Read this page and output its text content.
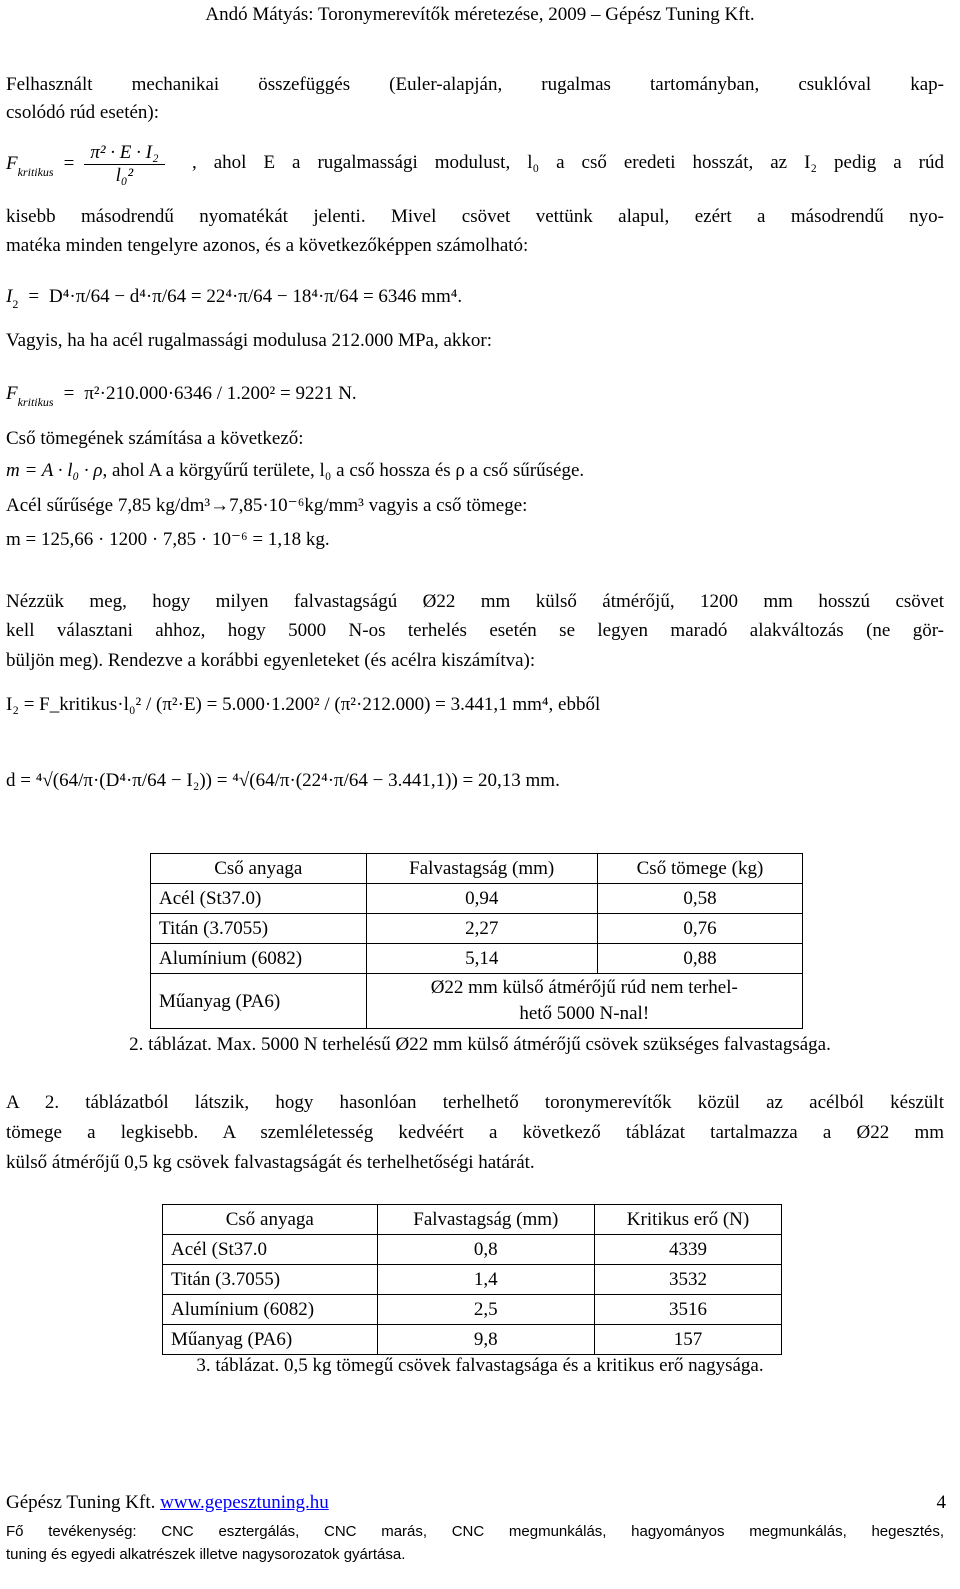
Andó Mátyás: Toronymerevítők méretezése, 2009 – Gépész Tuning Kft.
Felhasznált mechanikai összefüggés (Euler-alapján, rugalmas tartományban, csuklóval kap-
csolódó rúd esetén):
F kritikus = $\frac{\text{π² · E · I₂}}{\text{l₀²}}$ , ahol E a rugalmassági modulust, l₀ a cső eredeti hosszát, az I₂ pedig a rúd
kisebb másodrendű nyomatékát jelenti. Mivel csövet vettünk alapul, ezért a másodrendű nyo-
matéka minden tengelyre azonos, és a következőképpen számolható:
I 2 = D⁴·π/64 − d⁴·π/64 = 22⁴·π/64 − 18⁴·π/64 = 6346 mm⁴.
Vagyis, ha ha acél rugalmassági modulusa 212.000 MPa, akkor:
F kritikus = π²·210.000·6346 / 1.200² = 9221 N.
Cső tömegének számítása a következő:
m = A · l₀ · ρ, ahol A a körgyűrű területe, l₀ a cső hossza és ρ a cső sűrűsége.
Acél sűrűsége 7,85 kg/dm³→7,85·10⁻⁶kg/mm³ vagyis a cső tömege:
m = 125,66 · 1200 · 7,85 · 10⁻⁶ = 1,18 kg.
Nézzük meg, hogy milyen falvastagságú Ø22 mm külső átmérőjű, 1200 mm hosszú csövet
kell választani ahhoz, hogy 5000 N-os terhelés esetén se legyen maradó alakváltozás (ne gör-
büljön meg). Rendezve a korábbi egyenleteket (és acélra kiszámítva):
I₂ = F_kritikus·l₀² / (π²·E) = 5.000·1.200² / (π²·212.000) = 3.441,1 mm⁴, ebből
d = ⁴√(64/π·(D⁴·π/64 − I₂)) = ⁴√(64/π·(22⁴·π/64 − 3.441,1)) = 20,13 mm.
Cső anyaga	Falvastagság (mm)	Cső tömege (kg)
Acél (St37.0)	0,94	0,58
Titán (3.7055)	2,27	0,76
Alumínium (6082)	5,14	0,88
Műanyag (PA6)	Ø22 mm külső átmérőjű rúd nem terhel-
hető 5000 N-nal!	
2. táblázat. Max. 5000 N terhelésű Ø22 mm külső átmérőjű csövek szükséges falvastagsága.
A 2. táblázatból látszik, hogy hasonlóan terhelhető toronymerevítők közül az acélból készült
tömege a legkisebb. A szemléletesség kedvéért a következő táblázat tartalmazza a Ø22 mm
külső átmérőjű 0,5 kg csövek falvastagságát és terhelhetőségi határát.
Cső anyaga	Falvastagság (mm)	Kritikus erő (N)
Acél (St37.0	0,8	4339
Titán (3.7055)	1,4	3532
Alumínium (6082)	2,5	3516
Műanyag (PA6)	9,8	157
3. táblázat. 0,5 kg tömegű csövek falvastagsága és a kritikus erő nagysága.
Gépész Tuning Kft. www.gepesztuning.hu	4
Fő tevékenység: CNC esztergálás, CNC marás, CNC megmunkálás, hagyományos megmunkálás, hegesztés,
tuning és egyedi alkatrészek illetve nagysorozatok gyártása.
